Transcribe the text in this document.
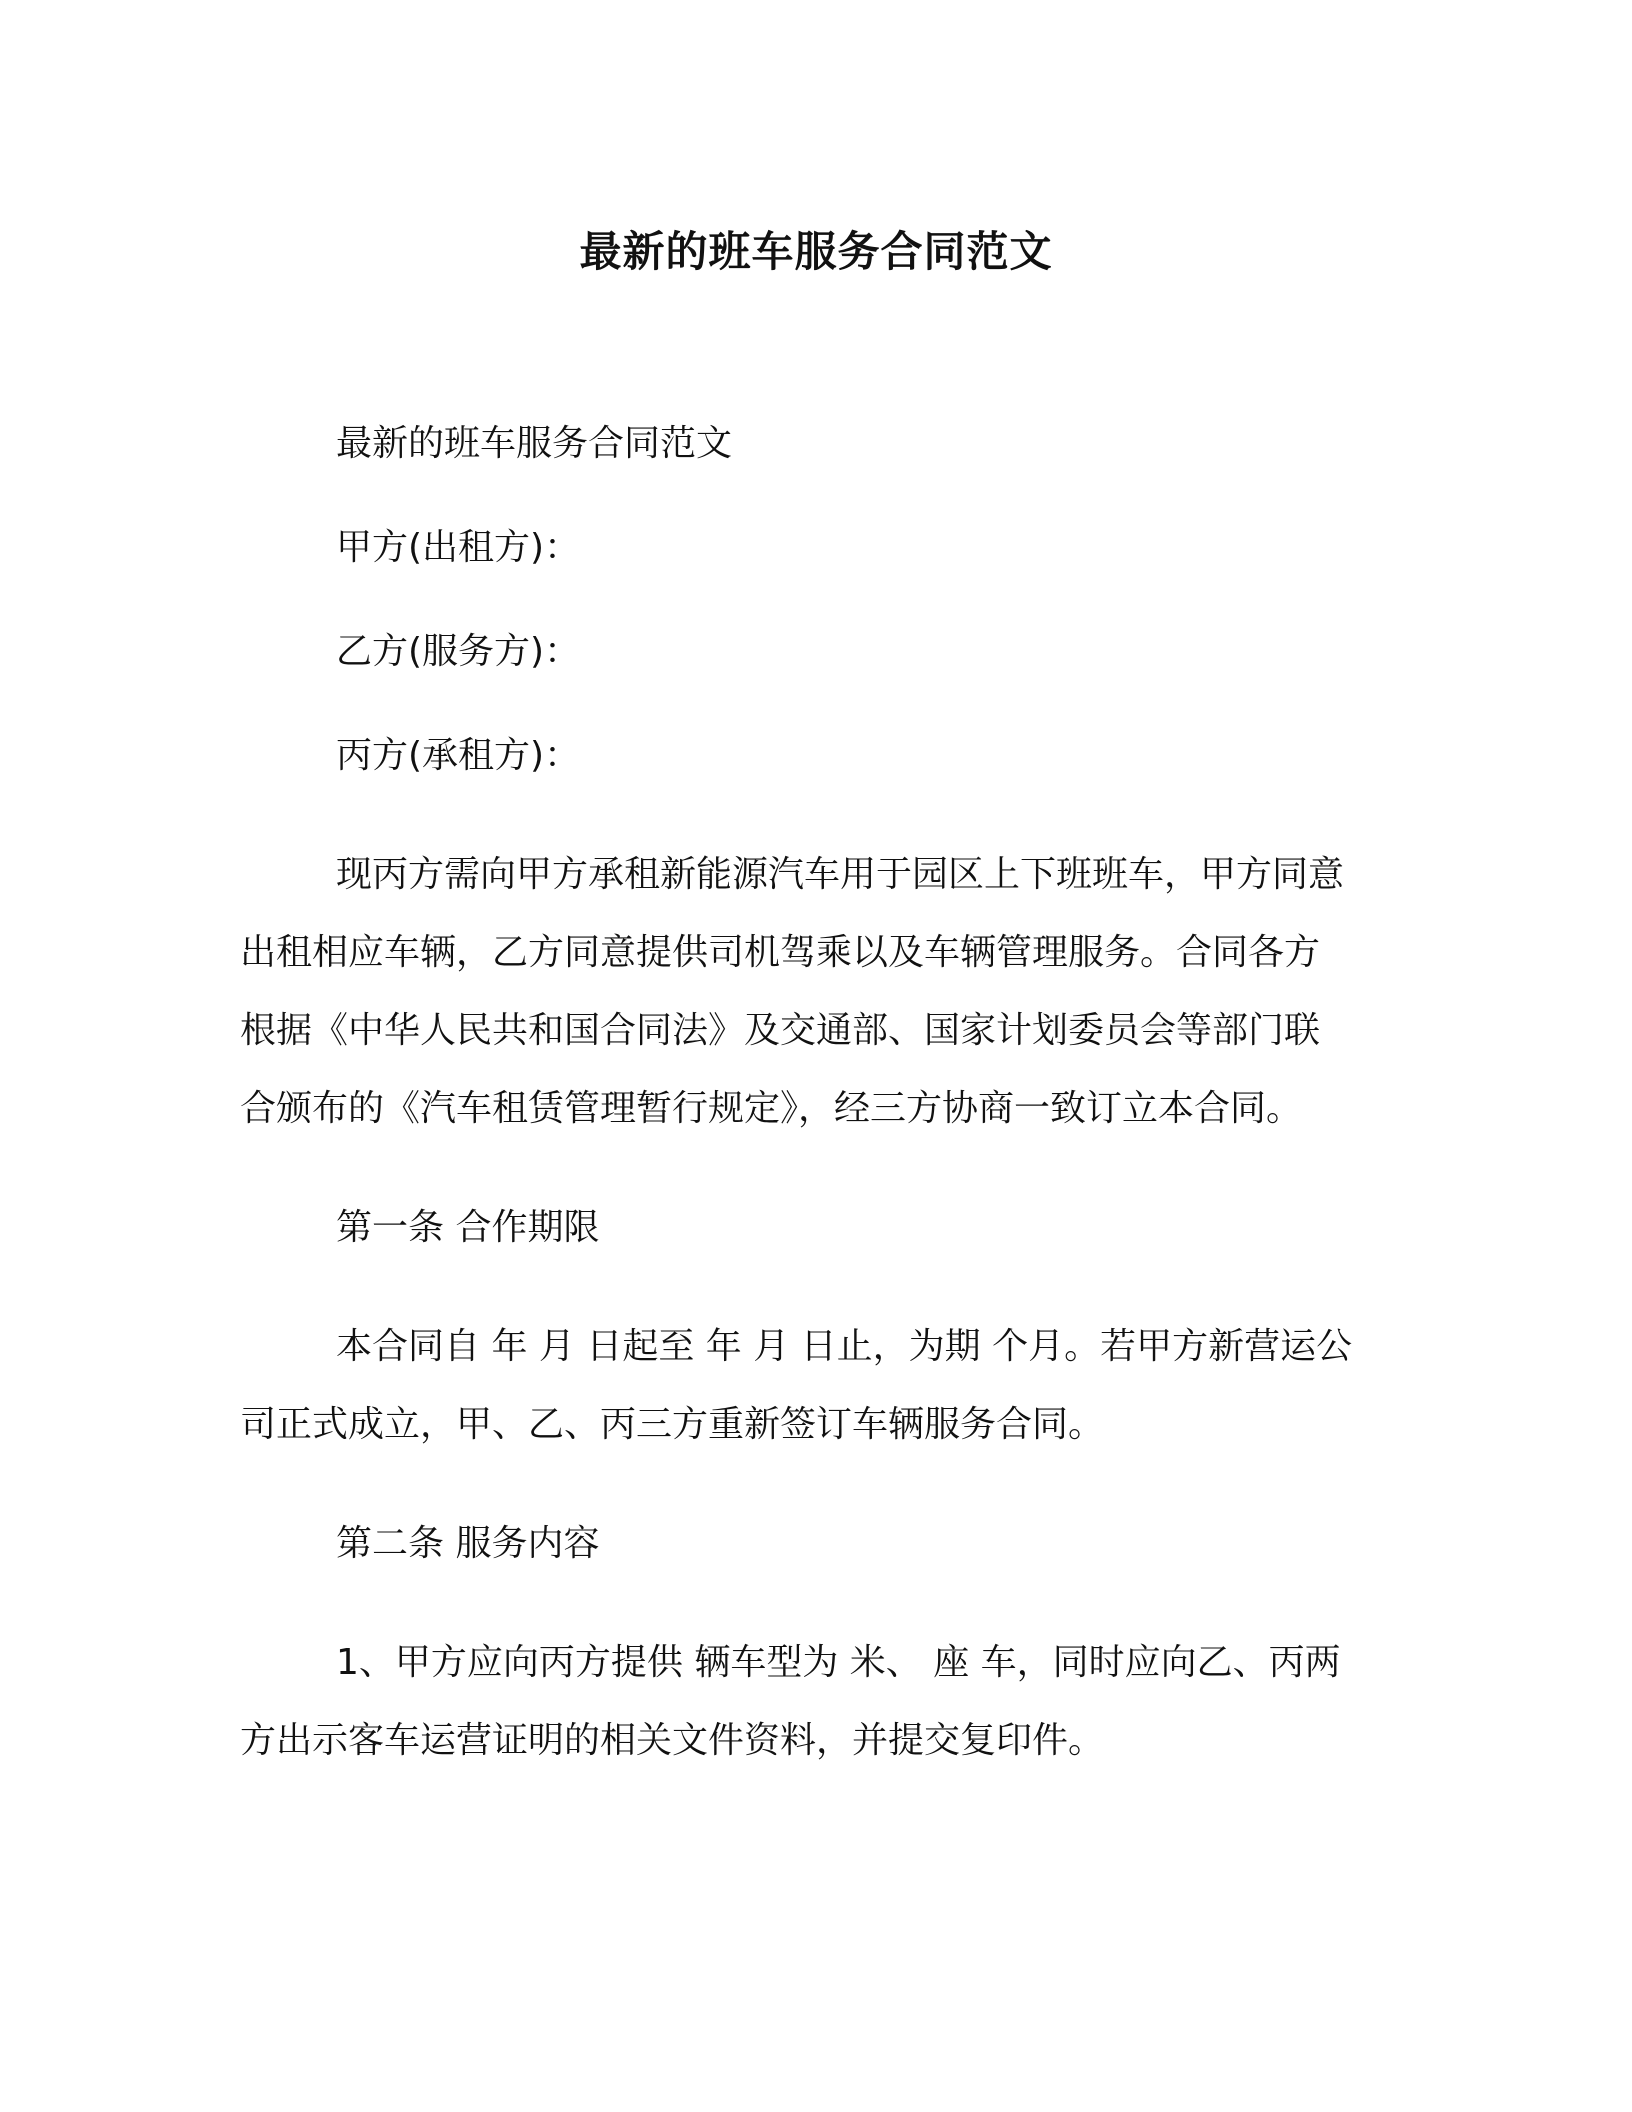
最新的班车服务合同范文

最新的班车服务合同范文

甲方(出租方)：

乙方(服务方)：

丙方(承租方)：

现丙方需向甲方承租新能源汽车用于园区上下班班车，甲方同意
出租相应车辆，乙方同意提供司机驾乘以及车辆管理服务。合同各方
根据《中华人民共和国合同法》及交通部、国家计划委员会等部门联
合颁布的《汽车租赁管理暂行规定》，经三方协商一致订立本合同。

第一条 合作期限

本合同自 年 月 日起至 年 月 日止，为期 个月。若甲方新营运公
司正式成立，甲、乙、丙三方重新签订车辆服务合同。

第二条 服务内容

1、甲方应向丙方提供 辆车型为 米、 座 车，同时应向乙、丙两
方出示客车运营证明的相关文件资料，并提交复印件。
